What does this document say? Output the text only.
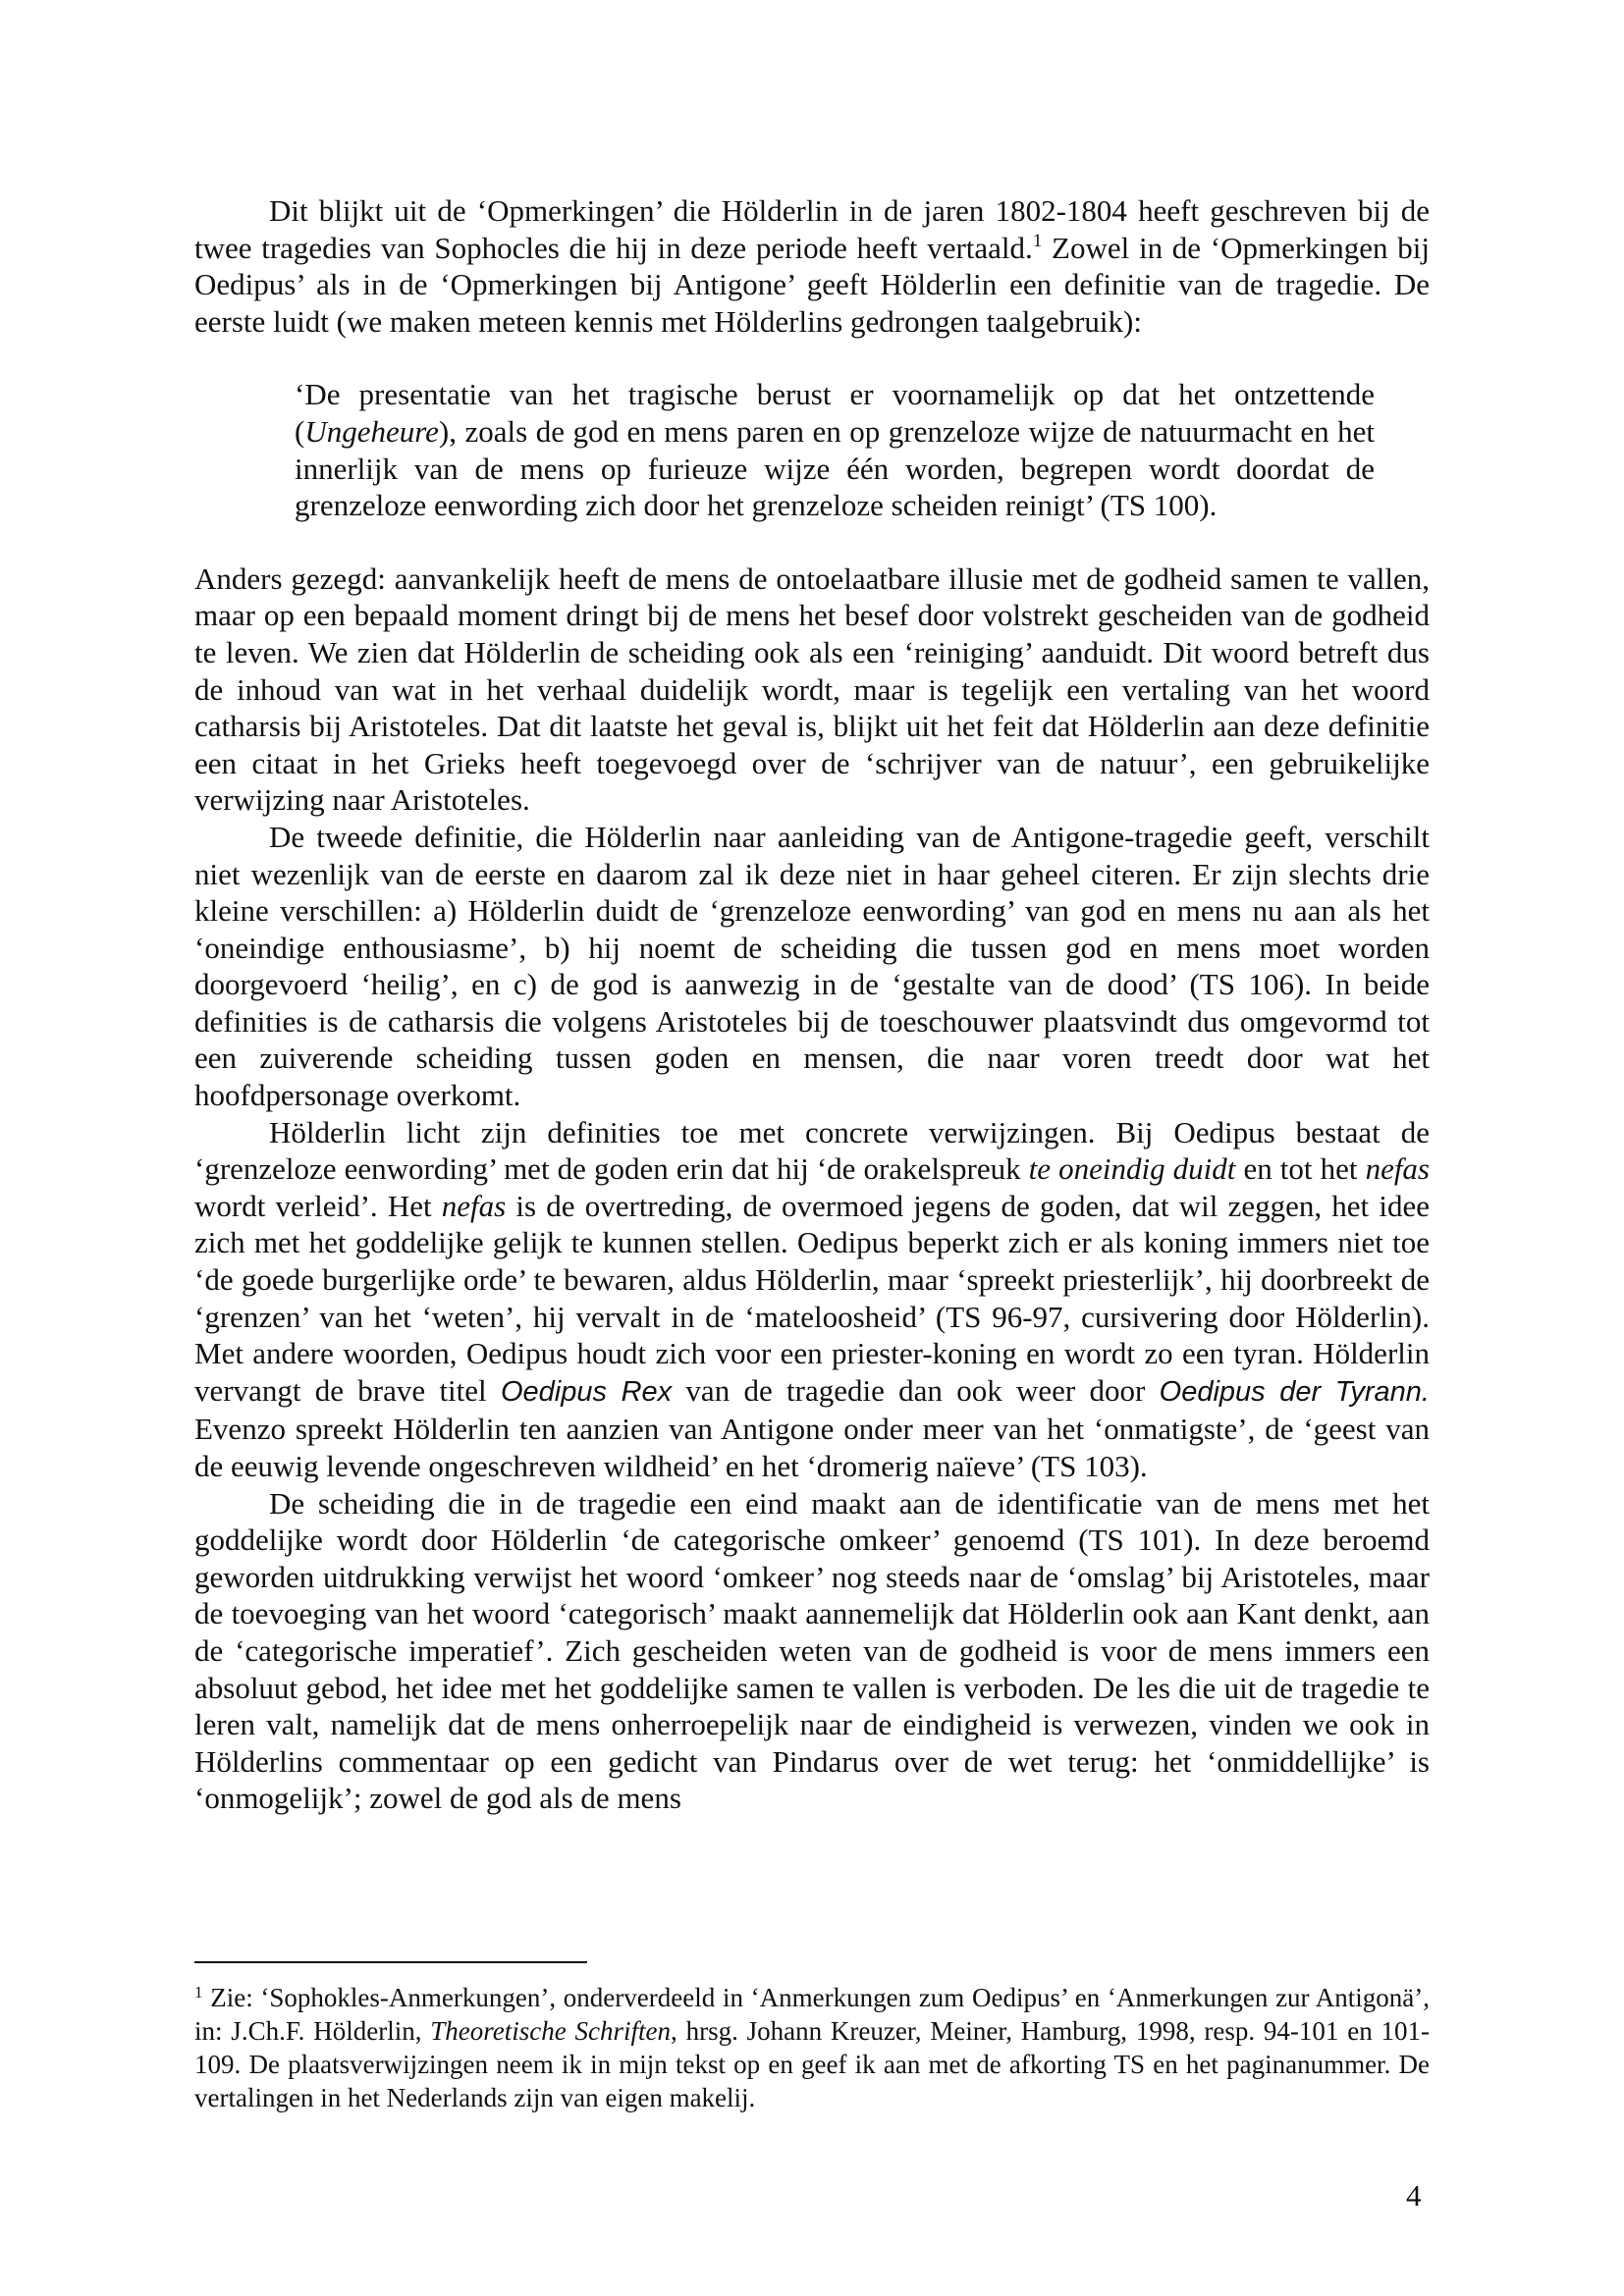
Dit blijkt uit de ‘Opmerkingen’ die Hölderlin in de jaren 1802-1804 heeft geschreven bij de twee tragedies van Sophocles die hij in deze periode heeft vertaald.$^1$ Zowel in de ‘Opmerkingen bij Oedipus’ als in de ‘Opmerkingen bij Antigone’ geeft Hölderlin een definitie van de tragedie. De eerste luidt (we maken meteen kennis met Hölderlins gedrongen taalgebruik):

‘De presentatie van het tragische berust er voornamelijk op dat het ontzettende (Ungeheure), zoals de god en mens paren en op grenzeloze wijze de natuurmacht en het innerlijk van de mens op furieuze wijze één worden, begrepen wordt doordat de grenzeloze eenwording zich door het grenzeloze scheiden reinigt’ (TS 100).

Anders gezegd: aanvankelijk heeft de mens de ontoelaatbare illusie met de godheid samen te vallen, maar op een bepaald moment dringt bij de mens het besef door volstrekt gescheiden van de godheid te leven. We zien dat Hölderlin de scheiding ook als een ‘reiniging’ aanduidt. Dit woord betreft dus de inhoud van wat in het verhaal duidelijk wordt, maar is tegelijk een vertaling van het woord catharsis bij Aristoteles. Dat dit laatste het geval is, blijkt uit het feit dat Hölderlin aan deze definitie een citaat in het Grieks heeft toegevoegd over de ‘schrijver van de natuur’, een gebruikelijke verwijzing naar Aristoteles.

De tweede definitie, die Hölderlin naar aanleiding van de Antigone-tragedie geeft, verschilt niet wezenlijk van de eerste en daarom zal ik deze niet in haar geheel citeren. Er zijn slechts drie kleine verschillen: a) Hölderlin duidt de ‘grenzeloze eenwording’ van god en mens nu aan als het ‘oneindige enthousiasme’, b) hij noemt de scheiding die tussen god en mens moet worden doorgevoerd ‘heilig’, en c) de god is aanwezig in de ‘gestalte van de dood’ (TS 106). In beide definities is de catharsis die volgens Aristoteles bij de toeschouwer plaatsvindt dus omgevormd tot een zuiverende scheiding tussen goden en mensen, die naar voren treedt door wat het hoofdpersonage overkomt.

Hölderlin licht zijn definities toe met concrete verwijzingen. Bij Oedipus bestaat de ‘grenzeloze eenwording’ met de goden erin dat hij ‘de orakelspreuk te oneindig duidt en tot het nefas wordt verleid’. Het nefas is de overtreding, de overmoed jegens de goden, dat wil zeggen, het idee zich met het goddelijke gelijk te kunnen stellen. Oedipus beperkt zich er als koning immers niet toe ‘de goede burgerlijke orde’ te bewaren, aldus Hölderlin, maar ‘spreekt priesterlijk’, hij doorbreekt de ‘grenzen’ van het ‘weten’, hij vervalt in de ‘mateloosheid’ (TS 96-97, cursivering door Hölderlin). Met andere woorden, Oedipus houdt zich voor een priester-koning en wordt zo een tyran. Hölderlin vervangt de brave titel Oedipus Rex van de tragedie dan ook weer door Oedipus der Tyrann. Evenzo spreekt Hölderlin ten aanzien van Antigone onder meer van het ‘onmatigste’, de ‘geest van de eeuwig levende ongeschreven wildheid’ en het ‘dromerig naïeve’ (TS 103).

De scheiding die in de tragedie een eind maakt aan de identificatie van de mens met het goddelijke wordt door Hölderlin ‘de categorische omkeer’ genoemd (TS 101). In deze beroemd geworden uitdrukking verwijst het woord ‘omkeer’ nog steeds naar de ‘omslag’ bij Aristoteles, maar de toevoeging van het woord ‘categorisch’ maakt aannemelijk dat Hölderlin ook aan Kant denkt, aan de ‘categorische imperatief’. Zich gescheiden weten van de godheid is voor de mens immers een absoluut gebod, het idee met het goddelijke samen te vallen is verboden. De les die uit de tragedie te leren valt, namelijk dat de mens onherroepelijk naar de eindigheid is verwezen, vinden we ook in Hölderlins commentaar op een gedicht van Pindarus over de wet terug: het ‘onmiddellijke’ is ‘onmogelijk’; zowel de god als de mens

$^1$ Zie: ‘Sophokles-Anmerkungen’, onderverdeeld in ‘Anmerkungen zum Oedipus’ en ‘Anmerkungen zur Antigonä’, in: J.Ch.F. Hölderlin, Theoretische Schriften, hrsg. Johann Kreuzer, Meiner, Hamburg, 1998, resp. 94-101 en 101-109. De plaatsverwijzingen neem ik in mijn tekst op en geef ik aan met de afkorting TS en het paginanummer. De vertalingen in het Nederlands zijn van eigen makelij.

4
